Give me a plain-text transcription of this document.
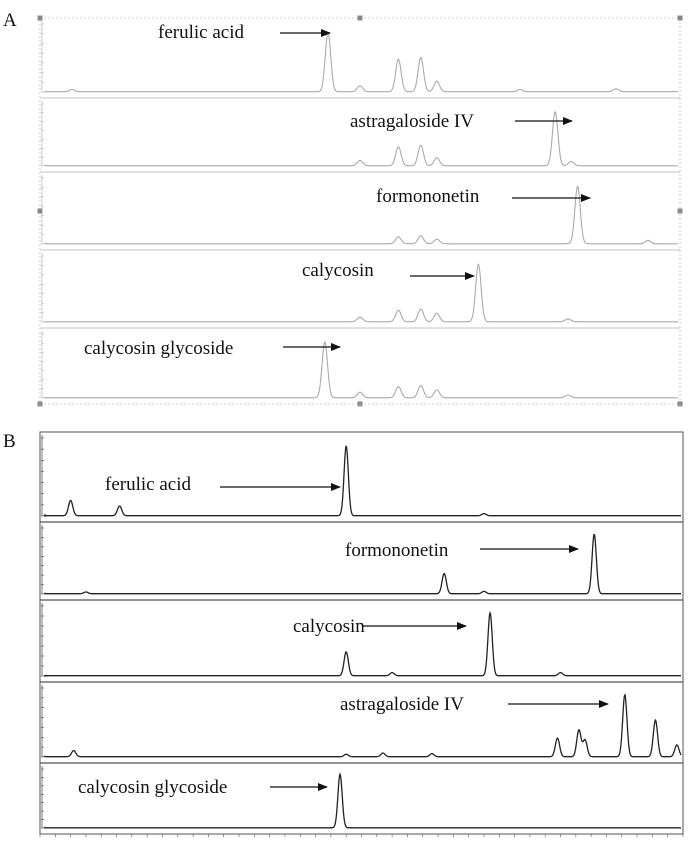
A
B
ferulic acid
astragaloside IV
formononetin
calycosin
calycosin glycoside
ferulic acid
formononetin
calycosin
astragaloside IV
calycosin glycoside
